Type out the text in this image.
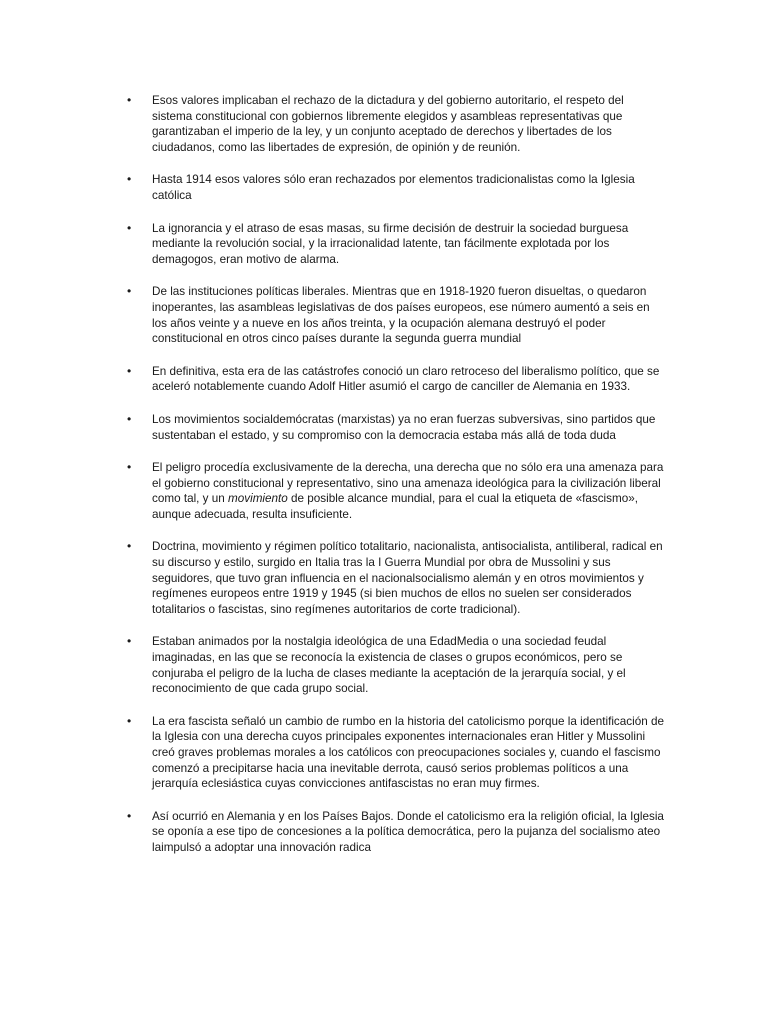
• Esos valores implicaban el rechazo de la dictadura y del gobierno autoritario, el respeto del sistema constitucional con gobiernos libremente elegidos y asambleas representativas que garantizaban el imperio de la ley, y un conjunto aceptado de derechos y libertades de los ciudadanos, como las libertades de expresión, de opinión y de reunión.
• Hasta 1914 esos valores sólo eran rechazados por elementos tradicionalistas como la Iglesia católica
• La ignorancia y el atraso de esas masas, su firme decisión de destruir la sociedad burguesa mediante la revolución social, y la irracionalidad latente, tan fácilmente explotada por los demagogos, eran motivo de alarma.
• De las instituciones políticas liberales. Mientras que en 1918-1920 fueron disueltas, o quedaron inoperantes, las asambleas legislativas de dos países europeos, ese número aumentó a seis en los años veinte y a nueve en los años treinta, y la ocupación alemana destruyó el poder constitucional en otros cinco países durante la segunda guerra mundial
• En definitiva, esta era de las catástrofes conoció un claro retroceso del liberalismo político, que se aceleró notablemente cuando Adolf Hitler asumió el cargo de canciller de Alemania en 1933.
• Los movimientos socialdemócratas (marxistas) ya no eran fuerzas subversivas, sino partidos que sustentaban el estado, y su compromiso con la democracia estaba más allá de toda duda
• El peligro procedía exclusivamente de la derecha, una derecha que no sólo era una amenaza para el gobierno constitucional y representativo, sino una amenaza ideológica para la civilización liberal como tal, y un movimiento de posible alcance mundial, para el cual la etiqueta de «fascismo», aunque adecuada, resulta insuficiente.
• Doctrina, movimiento y régimen político totalitario, nacionalista, antisocialista, antiliberal, radical en su discurso y estilo, surgido en Italia tras la I Guerra Mundial por obra de Mussolini y sus seguidores, que tuvo gran influencia en el nacionalsocialismo alemán y en otros movimientos y regímenes europeos entre 1919 y 1945 (si bien muchos de ellos no suelen ser considerados totalitarios o fascistas, sino regímenes autoritarios de corte tradicional).
• Estaban animados por la nostalgia ideológica de una EdadMedia o una sociedad feudal imaginadas, en las que se reconocía la existencia de clases o grupos económicos, pero se conjuraba el peligro de la lucha de clases mediante la aceptación de la jerarquía social, y el reconocimiento de que cada grupo social.
• La era fascista señaló un cambio de rumbo en la historia del catolicismo porque la identificación de la Iglesia con una derecha cuyos principales exponentes internacionales eran Hitler y Mussolini creó graves problemas morales a los católicos con preocupaciones sociales y, cuando el fascismo comenzó a precipitarse hacia una inevitable derrota, causó serios problemas políticos a una jerarquía eclesiástica cuyas convicciones antifascistas no eran muy firmes.
• Así ocurrió en Alemania y en los Países Bajos. Donde el catolicismo era la religión oficial, la Iglesia se oponía a ese tipo de concesiones a la política democrática, pero la pujanza del socialismo ateo laimpulsó a adoptar una innovación radica
